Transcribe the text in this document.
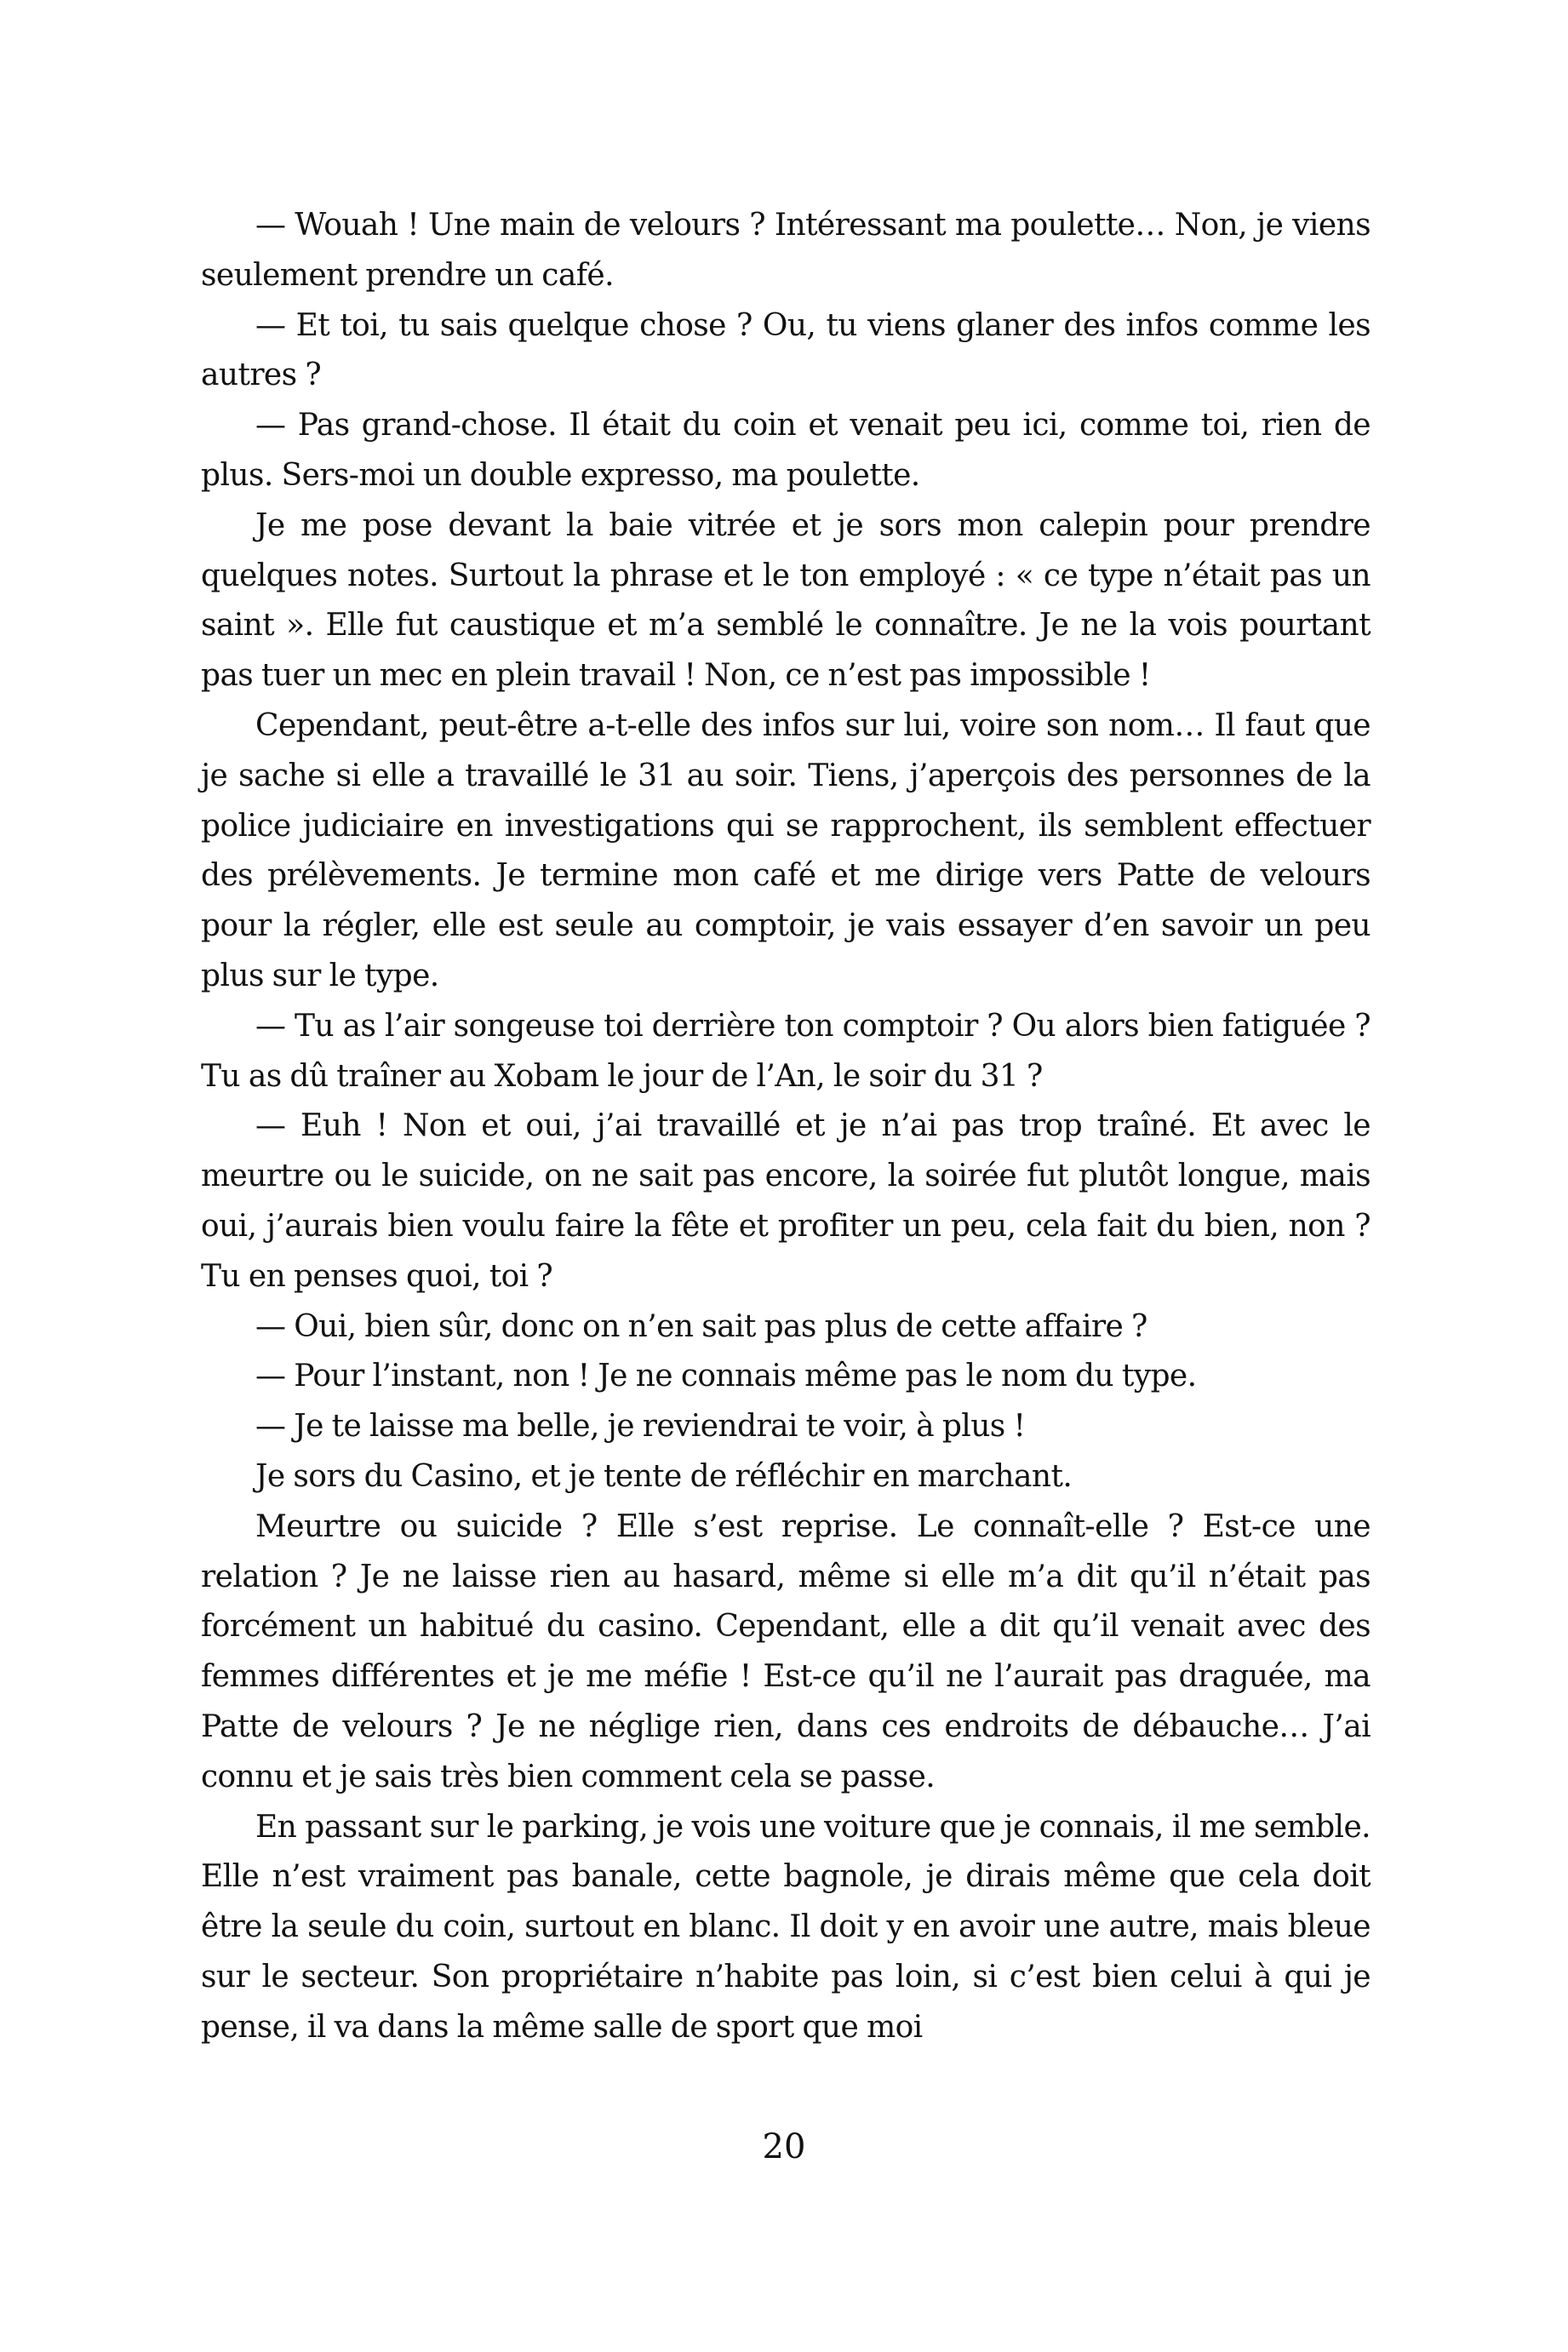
— Wouah ! Une main de velours ? Intéressant ma poulette… Non, je viens seulement prendre un café.

— Et toi, tu sais quelque chose ? Ou, tu viens glaner des infos comme les autres ?

— Pas grand-chose. Il était du coin et venait peu ici, comme toi, rien de plus. Sers-moi un double expresso, ma poulette.

Je me pose devant la baie vitrée et je sors mon calepin pour prendre quelques notes. Surtout la phrase et le ton employé : « ce type n’était pas un saint ». Elle fut caustique et m’a semblé le connaître. Je ne la vois pourtant pas tuer un mec en plein travail ! Non, ce n’est pas impossible !

Cependant, peut-être a-t-elle des infos sur lui, voire son nom… Il faut que je sache si elle a travaillé le 31 au soir. Tiens, j’aperçois des personnes de la police judiciaire en investigations qui se rapprochent, ils semblent effectuer des prélèvements. Je termine mon café et me dirige vers Patte de velours pour la régler, elle est seule au comptoir, je vais essayer d’en savoir un peu plus sur le type.

— Tu as l’air songeuse toi derrière ton comptoir ? Ou alors bien fatiguée ? Tu as dû traîner au Xobam le jour de l’An, le soir du 31 ?

— Euh ! Non et oui, j’ai travaillé et je n’ai pas trop traîné. Et avec le meurtre ou le suicide, on ne sait pas encore, la soirée fut plutôt longue, mais oui, j’aurais bien voulu faire la fête et profiter un peu, cela fait du bien, non ? Tu en penses quoi, toi ?

— Oui, bien sûr, donc on n’en sait pas plus de cette affaire ?

— Pour l’instant, non ! Je ne connais même pas le nom du type.

— Je te laisse ma belle, je reviendrai te voir, à plus !

Je sors du Casino, et je tente de réfléchir en marchant.

Meurtre ou suicide ? Elle s’est reprise. Le connaît-elle ? Est-ce une relation ? Je ne laisse rien au hasard, même si elle m’a dit qu’il n’était pas forcément un habitué du casino. Cependant, elle a dit qu’il venait avec des femmes différentes et je me méfie ! Est-ce qu’il ne l’aurait pas draguée, ma Patte de velours ? Je ne néglige rien, dans ces endroits de débauche… J’ai connu et je sais très bien comment cela se passe.

En passant sur le parking, je vois une voiture que je connais, il me semble. Elle n’est vraiment pas banale, cette bagnole, je dirais même que cela doit être la seule du coin, surtout en blanc. Il doit y en avoir une autre, mais bleue sur le secteur. Son propriétaire n’habite pas loin, si c’est bien celui à qui je pense, il va dans la même salle de sport que moi

20
